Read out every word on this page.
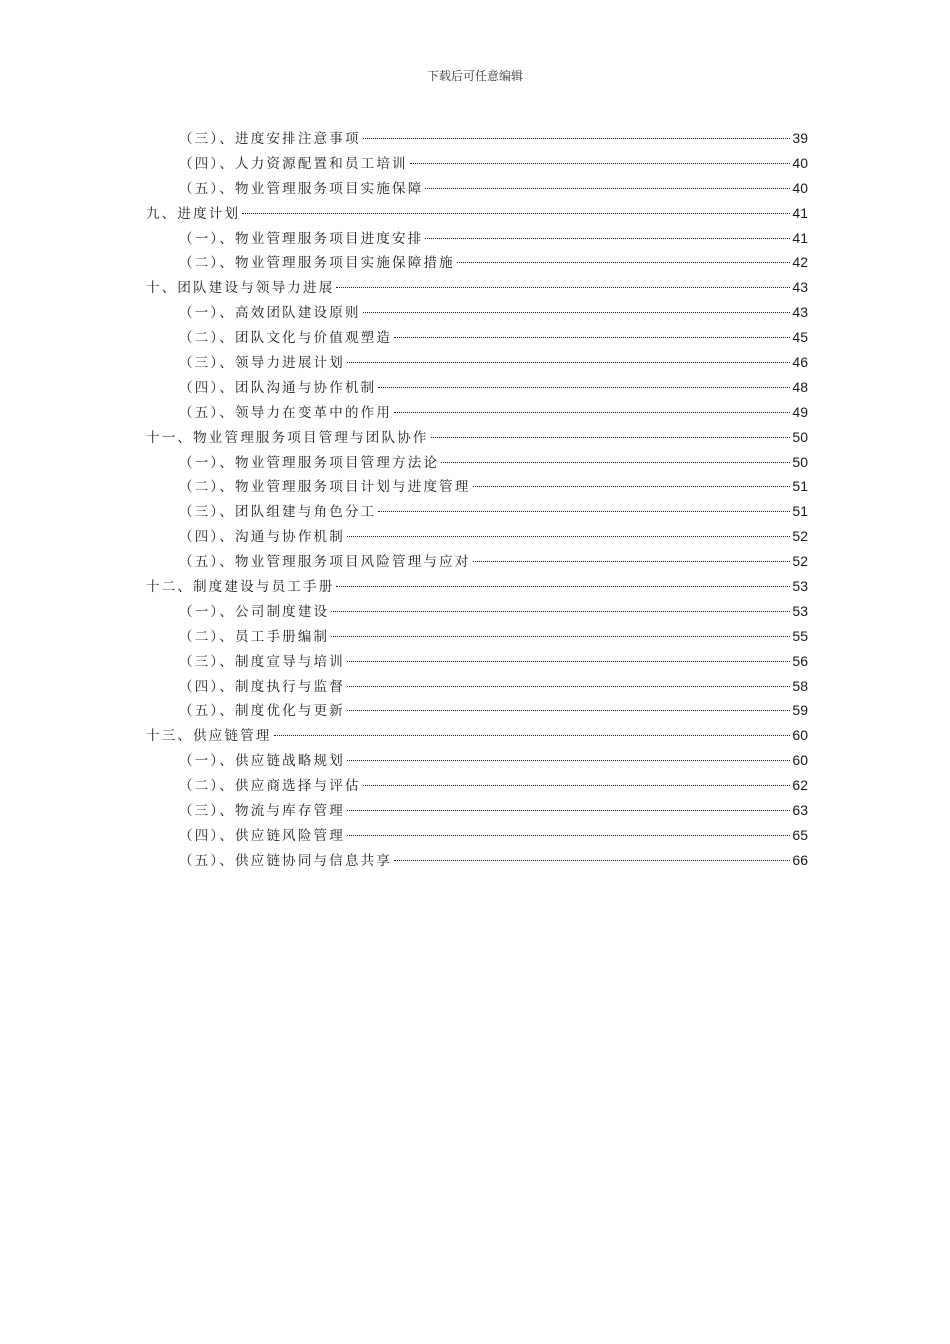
下载后可任意编辑
（三）、进度安排注意事项	39
（四）、人力资源配置和员工培训	40
（五）、物业管理服务项目实施保障	40
九、进度计划	41
（一）、物业管理服务项目进度安排	41
（二）、物业管理服务项目实施保障措施	42
十、团队建设与领导力进展	43
（一）、高效团队建设原则	43
（二）、团队文化与价值观塑造	45
（三）、领导力进展计划	46
（四）、团队沟通与协作机制	48
（五）、领导力在变革中的作用	49
十一、物业管理服务项目管理与团队协作	50
（一）、物业管理服务项目管理方法论	50
（二）、物业管理服务项目计划与进度管理	51
（三）、团队组建与角色分工	51
（四）、沟通与协作机制	52
（五）、物业管理服务项目风险管理与应对	52
十二、制度建设与员工手册	53
（一）、公司制度建设	53
（二）、员工手册编制	55
（三）、制度宣导与培训	56
（四）、制度执行与监督	58
（五）、制度优化与更新	59
十三、供应链管理	60
（一）、供应链战略规划	60
（二）、供应商选择与评估	62
（三）、物流与库存管理	63
（四）、供应链风险管理	65
（五）、供应链协同与信息共享	66
